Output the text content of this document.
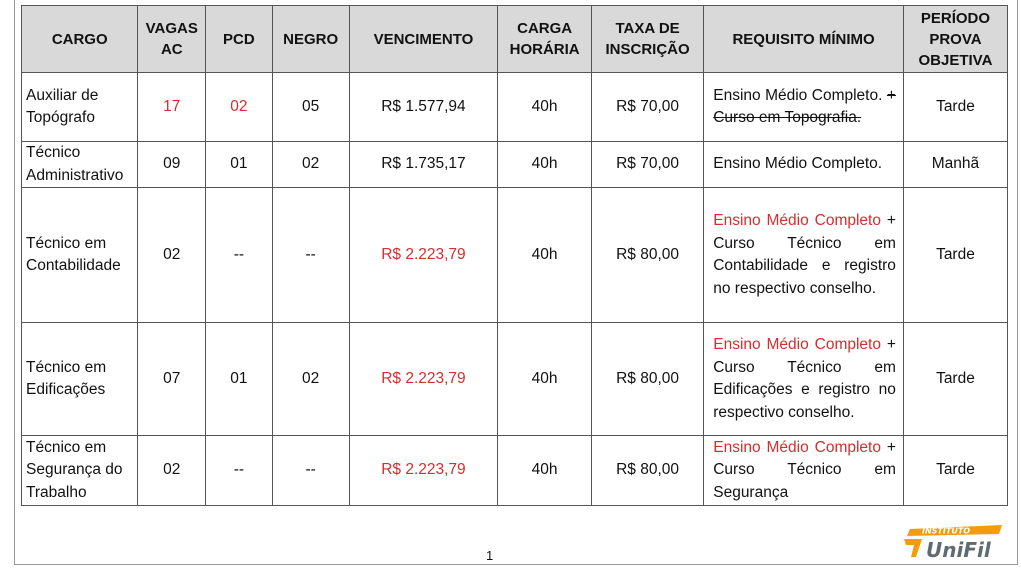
CARGO	VAGAS AC	PCD	NEGRO	VENCIMENTO	CARGA HORÁRIA	TAXA DE INSCRIÇÃO	REQUISITO MÍNIMO	PERÍODO PROVA OBJETIVA
Auxiliar de Topógrafo	17	02	05	R$ 1.577,94	40h	R$ 70,00	Ensino Médio Completo. + Curso em Topografia.	Tarde
Técnico Administrativo	09	01	02	R$ 1.735,17	40h	R$ 70,00	Ensino Médio Completo.	Manhã
Técnico em Contabilidade	02	--	--	R$ 2.223,79	40h	R$ 80,00	Ensino Médio Completo + Curso Técnico em Contabilidade e registro no respectivo conselho.	Tarde
Técnico em Edificações	07	01	02	R$ 2.223,79	40h	R$ 80,00	Ensino Médio Completo + Curso Técnico em Edificações e registro no respectivo conselho.	Tarde
Técnico em Segurança do Trabalho	02	--	--	R$ 2.223,79	40h	R$ 80,00	Ensino Médio Completo + Curso Técnico em Segurança	Tarde
1
INSTITUTO
UniFil
